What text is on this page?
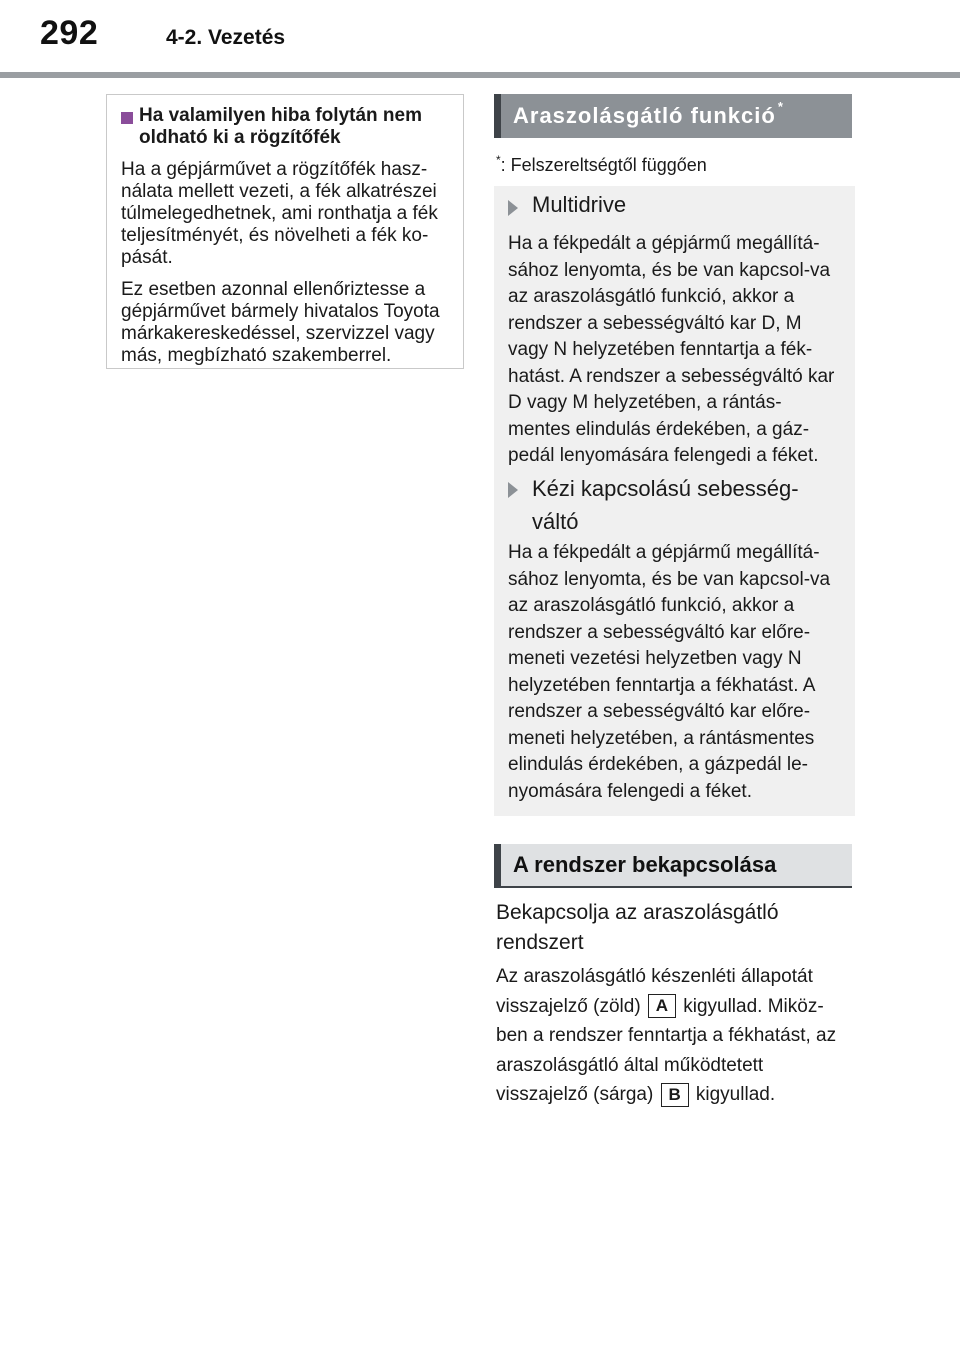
292	4-2. Vezetés
Ha valamilyen hiba folytán nem oldható ki a rögzítőfék

Ha a gépjárművet a rögzítőfék hasz-nálata mellett vezeti, a fék alkatrészei túlmelegedhetnek, ami ronthatja a fék teljesítményét, és növelheti a fék ko-pását.

Ez esetben azonnal ellenőriztesse a gépjárművet bármely hivatalos Toyota márkakereskedéssel, szervizzel vagy más, megbízható szakemberrel.

Araszolásgátló funkció *
*: Felszereltségtől függően
Multidrive
Ha a fékpedált a gépjármű megállítá-sához lenyomta, és be van kapcsol-va az araszolásgátló funkció, akkor a rendszer a sebességváltó kar D, M vagy N helyzetében fenntartja a fék-hatást. A rendszer a sebességváltó kar D vagy M helyzetében, a rántás-mentes elindulás érdekében, a gáz-pedál lenyomására felengedi a féket.
Kézi kapcsolású sebesség-váltó
Ha a fékpedált a gépjármű megállítá-sához lenyomta, és be van kapcsol-va az araszolásgátló funkció, akkor a rendszer a sebességváltó kar előre-meneti vezetési helyzetben vagy N helyzetében fenntartja a fékhatást. A rendszer a sebességváltó kar előre-meneti helyzetében, a rántásmentes elindulás érdekében, a gázpedál le-nyomására felengedi a féket.
A rendszer bekapcsolása
Bekapcsolja az araszolásgátló rendszert
Az araszolásgátló készenléti állapotát visszajelző (zöld) A kigyullad. Miköz-ben a rendszer fenntartja a fékhatást, az araszolásgátló által működtetett visszajelző (sárga) B kigyullad.
